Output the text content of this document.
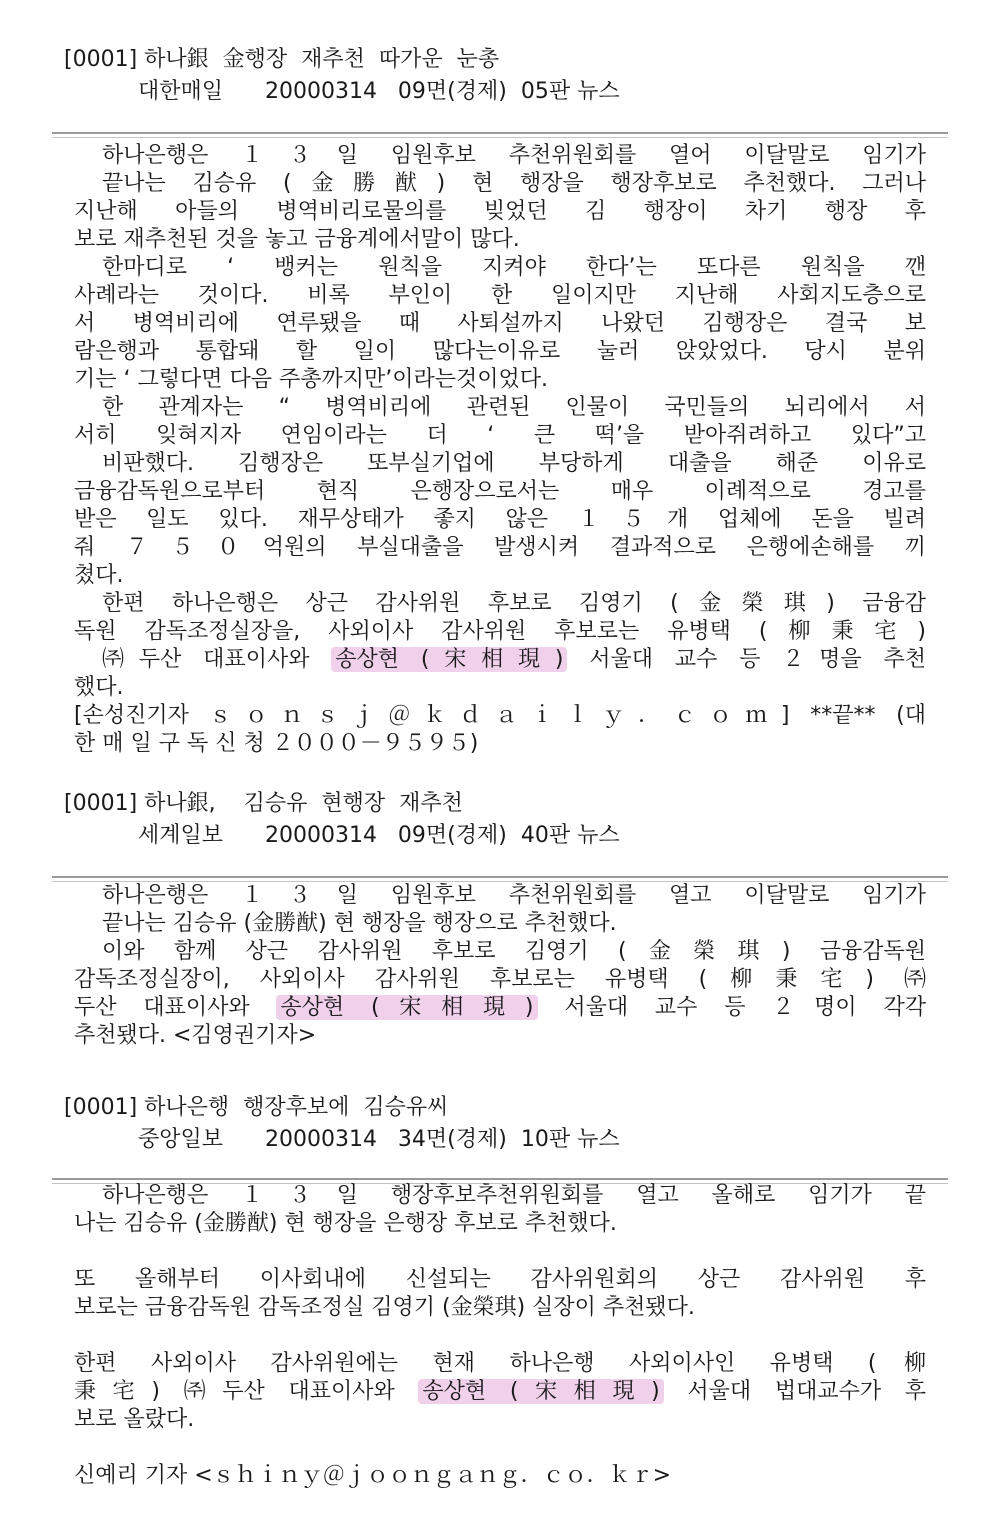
[0001] 하나銀  金행장  재추천  따가운  눈총

대한매일      20000314   09면(경제)  05판 뉴스

하나은행은 １３일 임원후보 추천위원회를 열어 이달말로 임기가

끝나는 김승유 (金勝猷) 현 행장을 행장후보로 추천했다. 그러나

지난해 아들의 병역비리로물의를 빚었던 김 행장이 차기 행장 후

보로 재추천된 것을 놓고 금융계에서말이 많다.

한마디로 ‘ 뱅커는 원칙을 지켜야 한다’는 또다른 원칙을 깬

사례라는 것이다. 비록 부인이 한 일이지만 지난해 사회지도층으로

서 병역비리에 연루됐을 때 사퇴설까지 나왔던 김행장은 결국 보

람은행과 통합돼 할 일이 많다는이유로 눌러 앉았었다. 당시 분위

기는 ‘ 그렇다면 다음 주총까지만’이라는것이었다.

한 관계자는 “ 병역비리에 관련된 인물이 국민들의 뇌리에서 서

서히 잊혀지자 연임이라는 더 ‘ 큰 떡’을 받아쥐려하고 있다”고

비판했다. 김행장은 또부실기업에 부당하게 대출을 해준 이유로

금융감독원으로부터 현직 은행장으로서는 매우 이례적으로 경고를

받은 일도 있다. 재무상태가 좋지 않은 １５개 업체에 돈을 빌려

줘 ７５０억원의 부실대출을 발생시켜 결과적으로 은행에손해를 끼

쳤다.

한편 하나은행은 상근 감사위원 후보로 김영기 (金榮琪) 금융감

독원 감독조정실장을, 사외이사 감사위원 후보로는 유병택 (柳秉宅)

㈜두산 대표이사와 송상현 (宋相現) 서울대 교수 등 ２명을 추천

했다.

[손성진기자 ｓｏｎｓｊ＠ｋｄａｉｌｙ．ｃｏｍ] **끝** (대

한 매 일 구 독 신 청 ２０００－９５９５)

[0001] 하나銀,    김승유  현행장  재추천

세계일보      20000314   09면(경제)  40판 뉴스

하나은행은 １３일 임원후보 추천위원회를 열고 이달말로 임기가

끝나는 김승유 (金勝猷) 현 행장을 행장으로 추천했다.

이와 함께 상근 감사위원 후보로 김영기 (金榮琪) 금융감독원

감독조정실장이, 사외이사 감사위원 후보로는 유병택 (柳秉宅) ㈜

두산 대표이사와 송상현 (宋相現) 서울대 교수 등 ２명이 각각

추천됐다. <김영권기자>

[0001] 하나은행  행장후보에  김승유씨

중앙일보      20000314   34면(경제)  10판 뉴스

하나은행은 １３일 행장후보추천위원회를 열고 올해로 임기가 끝

나는 김승유 (金勝猷) 현 행장을 은행장 후보로 추천했다.

또 올해부터 이사회내에 신설되는 감사위원회의 상근 감사위원 후

보로는 금융감독원 감독조정실 김영기 (金榮琪) 실장이 추천됐다.

한편 사외이사 감사위원에는 현재 하나은행 사외이사인 유병택 (柳

秉宅) ㈜두산 대표이사와 송상현 (宋相現) 서울대 법대교수가 후

보로 올랐다.

신예리 기자 <ｓｈｉｎｙ＠ｊｏｏｎｇａｎｇ．ｃｏ．ｋｒ>
